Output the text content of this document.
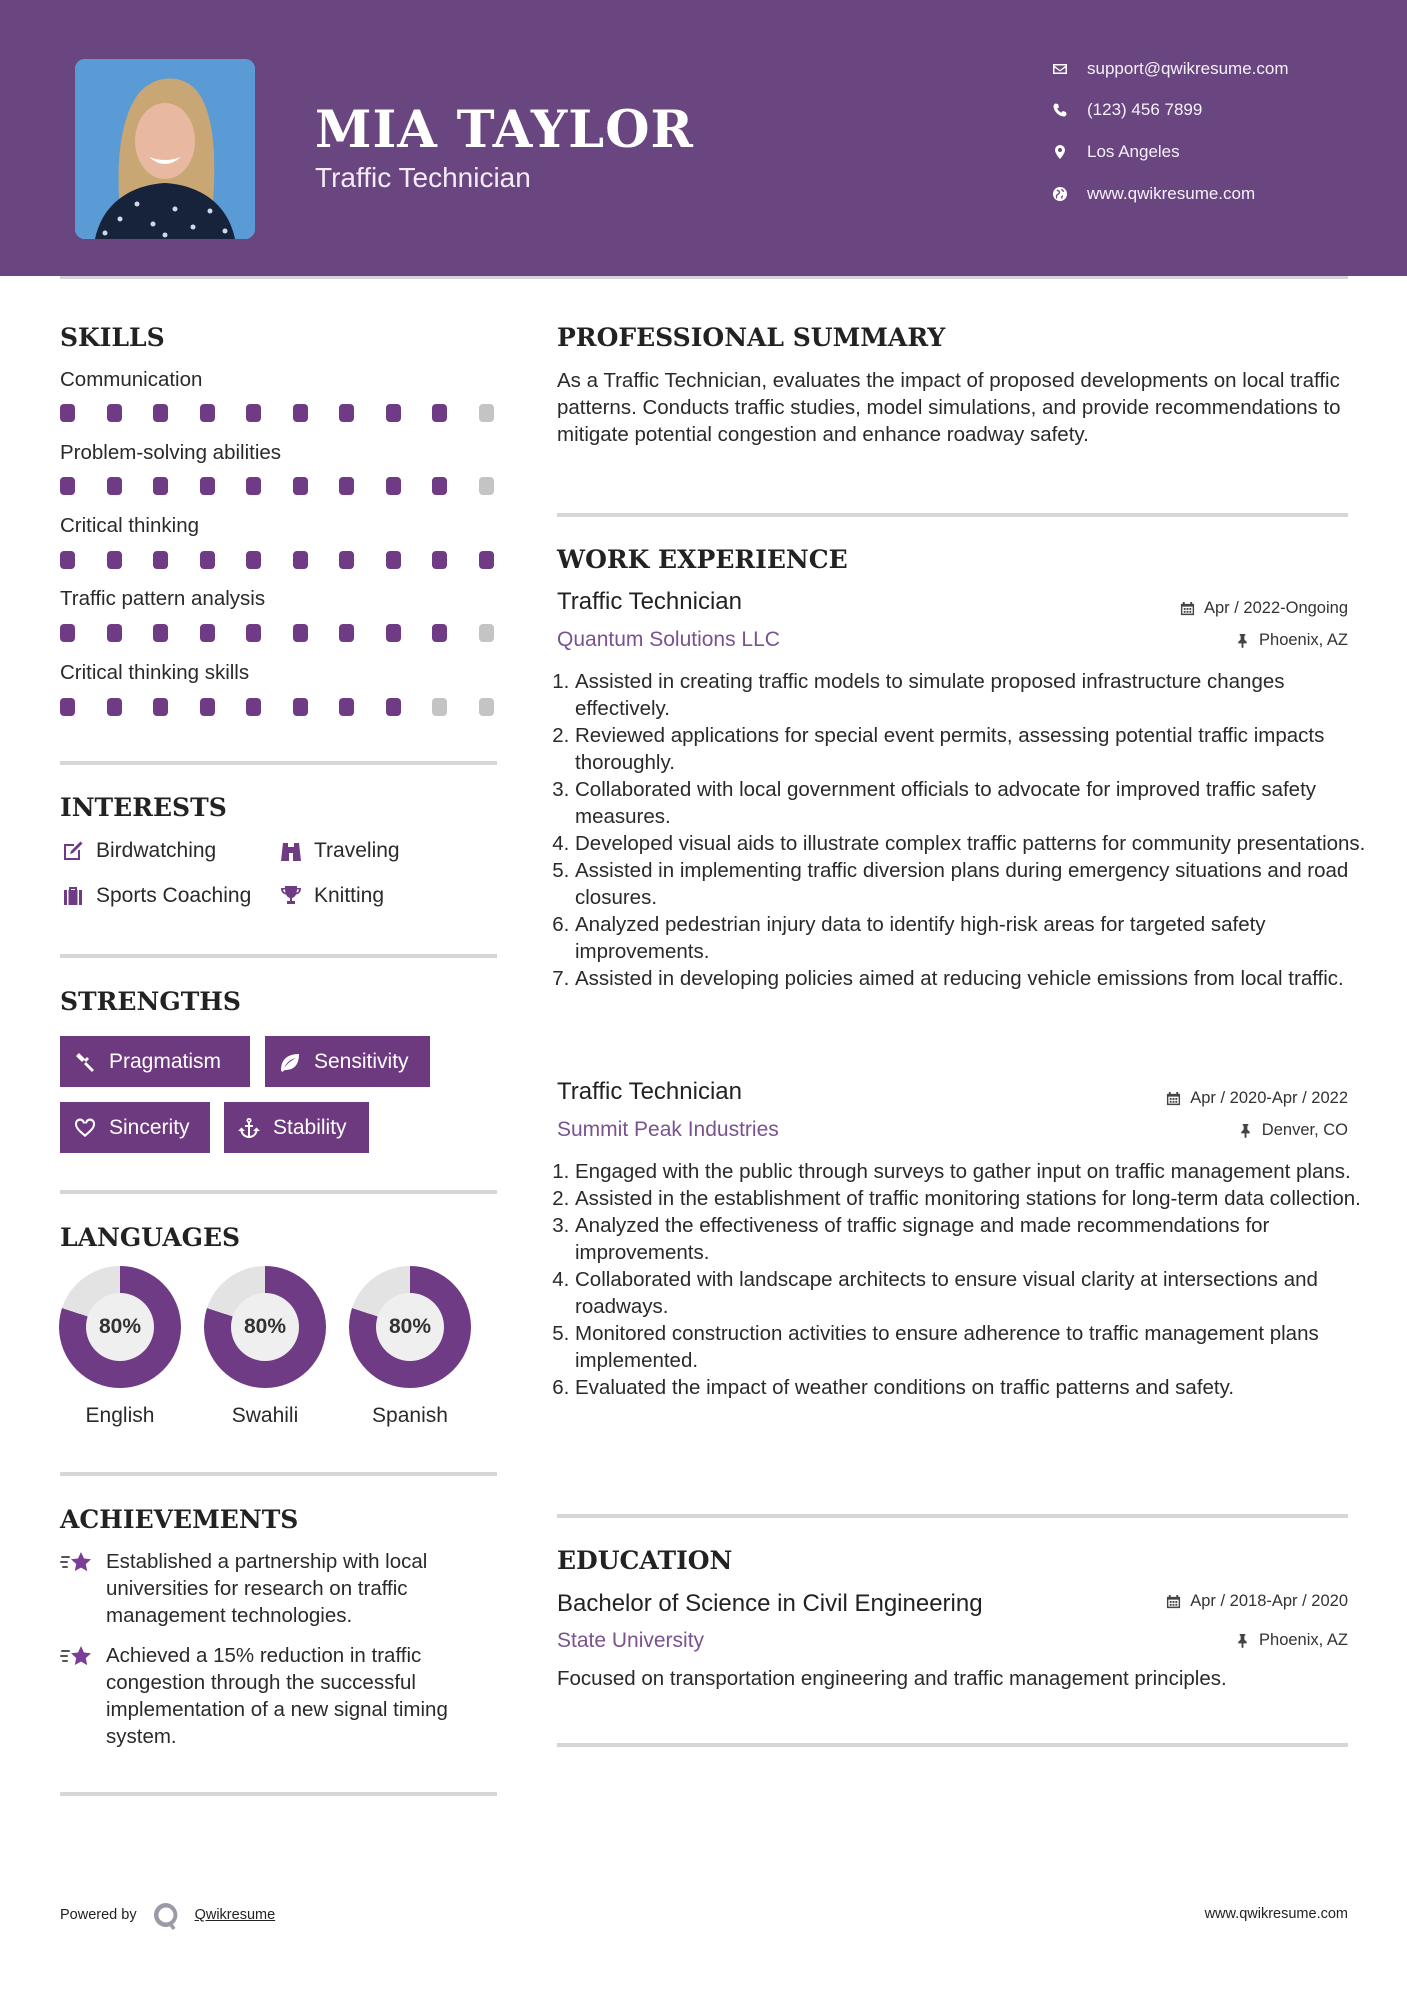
MIA TAYLOR
Traffic Technician
support@qwikresume.com
(123) 456 7899
Los Angeles
www.qwikresume.com
SKILLS
Communication
Problem-solving abilities
Critical thinking
Traffic pattern analysis
Critical thinking skills
INTERESTS
Birdwatching	Traveling
Sports Coaching	Knitting
STRENGTHS
Pragmatism	Sensitivity
Sincerity	Stability
LANGUAGES
80%
English
80%
Swahili
80%
Spanish
ACHIEVEMENTS
Established a partnership with local universities for research on traffic management technologies.
Achieved a 15% reduction in traffic congestion through the successful implementation of a new signal timing system.
PROFESSIONAL SUMMARY
As a Traffic Technician, evaluates the impact of proposed developments on local traffic patterns. Conducts traffic studies, model simulations, and provide recommendations to mitigate potential congestion and enhance roadway safety.
WORK EXPERIENCE
Traffic Technician	Apr / 2022-Ongoing
Quantum Solutions LLC	Phoenix, AZ
1. Assisted in creating traffic models to simulate proposed infrastructure changes effectively.
2. Reviewed applications for special event permits, assessing potential traffic impacts thoroughly.
3. Collaborated with local government officials to advocate for improved traffic safety measures.
4. Developed visual aids to illustrate complex traffic patterns for community presentations.
5. Assisted in implementing traffic diversion plans during emergency situations and road closures.
6. Analyzed pedestrian injury data to identify high-risk areas for targeted safety improvements.
7. Assisted in developing policies aimed at reducing vehicle emissions from local traffic.
Traffic Technician	Apr / 2020-Apr / 2022
Summit Peak Industries	Denver, CO
1. Engaged with the public through surveys to gather input on traffic management plans.
2. Assisted in the establishment of traffic monitoring stations for long-term data collection.
3. Analyzed the effectiveness of traffic signage and made recommendations for improvements.
4. Collaborated with landscape architects to ensure visual clarity at intersections and roadways.
5. Monitored construction activities to ensure adherence to traffic management plans implemented.
6. Evaluated the impact of weather conditions on traffic patterns and safety.
EDUCATION
Bachelor of Science in Civil Engineering	Apr / 2018-Apr / 2020
State University	Phoenix, AZ
Focused on transportation engineering and traffic management principles.
Powered by	Qwikresume	www.qwikresume.com
